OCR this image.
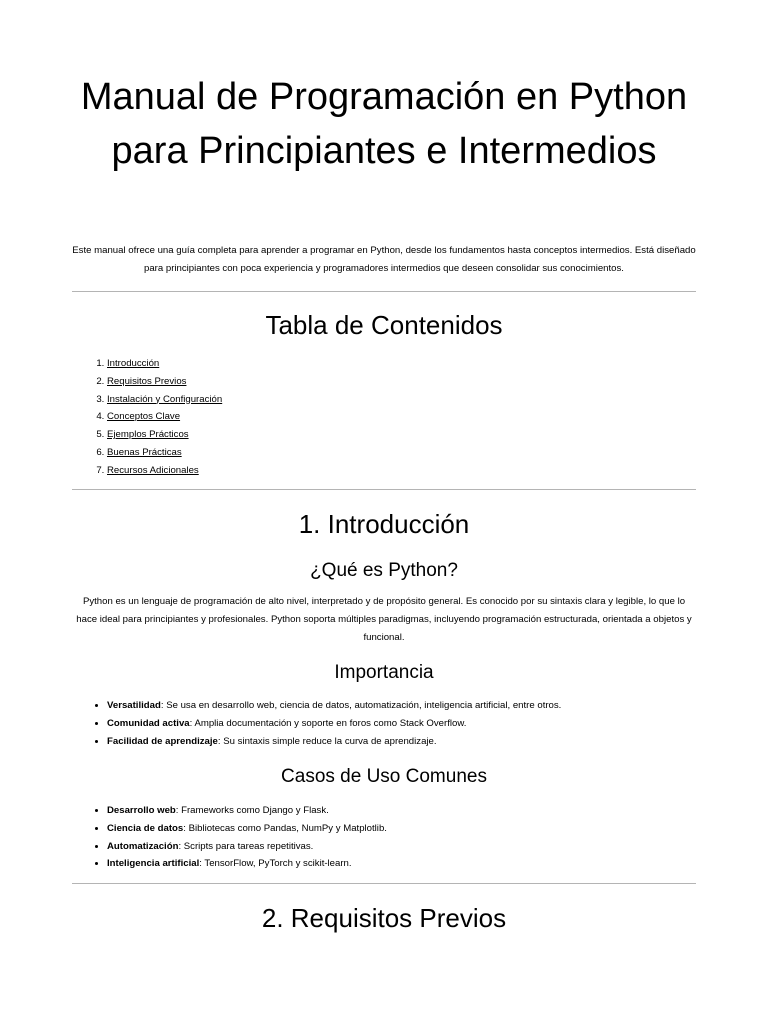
Manual de Programación en Python para Principiantes e Intermedios

Este manual ofrece una guía completa para aprender a programar en Python, desde los fundamentos hasta conceptos intermedios. Está diseñado para principiantes con poca experiencia y programadores intermedios que deseen consolidar sus conocimientos.

Tabla de Contenidos
1. Introducción
2. Requisitos Previos
3. Instalación y Configuración
4. Conceptos Clave
5. Ejemplos Prácticos
6. Buenas Prácticas
7. Recursos Adicionales
1. Introducción
¿Qué es Python?

Python es un lenguaje de programación de alto nivel, interpretado y de propósito general. Es conocido por su sintaxis clara y legible, lo que lo hace ideal para principiantes y profesionales. Python soporta múltiples paradigmas, incluyendo programación estructurada, orientada a objetos y funcional.

Importancia
• Versatilidad: Se usa en desarrollo web, ciencia de datos, automatización, inteligencia artificial, entre otros.
• Comunidad activa: Amplia documentación y soporte en foros como Stack Overflow.
• Facilidad de aprendizaje: Su sintaxis simple reduce la curva de aprendizaje.
Casos de Uso Comunes
• Desarrollo web: Frameworks como Django y Flask.
• Ciencia de datos: Bibliotecas como Pandas, NumPy y Matplotlib.
• Automatización: Scripts para tareas repetitivas.
• Inteligencia artificial: TensorFlow, PyTorch y scikit-learn.
2. Requisitos Previos
